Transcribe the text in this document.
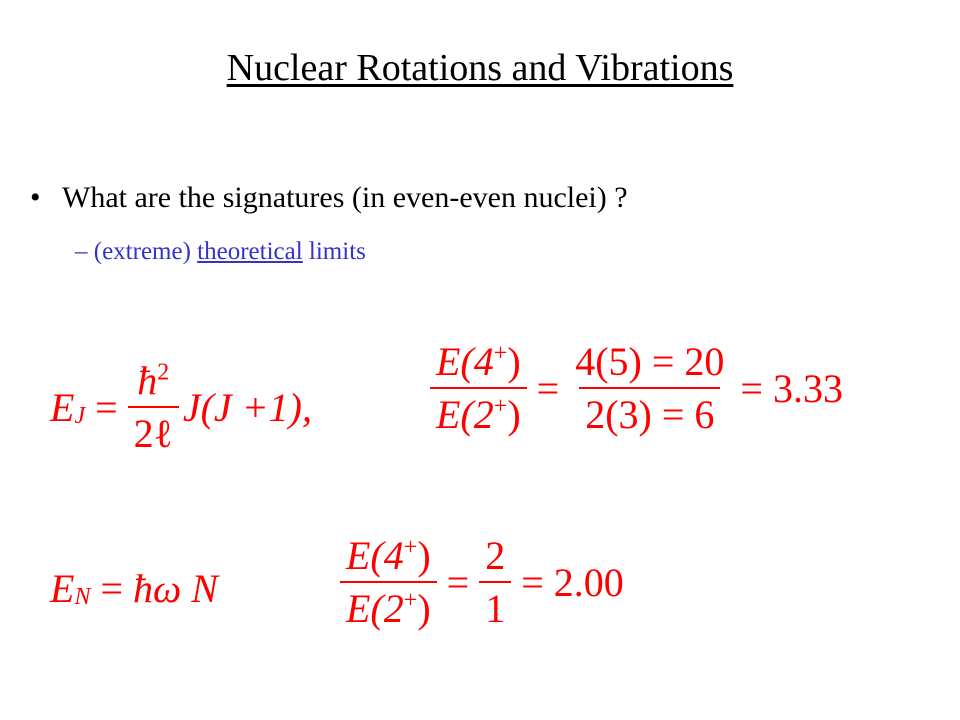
Nuclear Rotations and Vibrations
• What are the signatures (in even-even nuclei) ?
– (extreme) theoretical limits
$E_J = \frac{ħ^2}{\text{2ℓ}} J(J +1)$,	$\frac{E(4^+)}{E(2^+)} = \frac{4(5) = 20}{2(3) = 6} = 3.33$
$E_N$ = ħω N	$\frac{E(4^+)}{E(2^+)} = \frac{2}{1} = 2.00$
